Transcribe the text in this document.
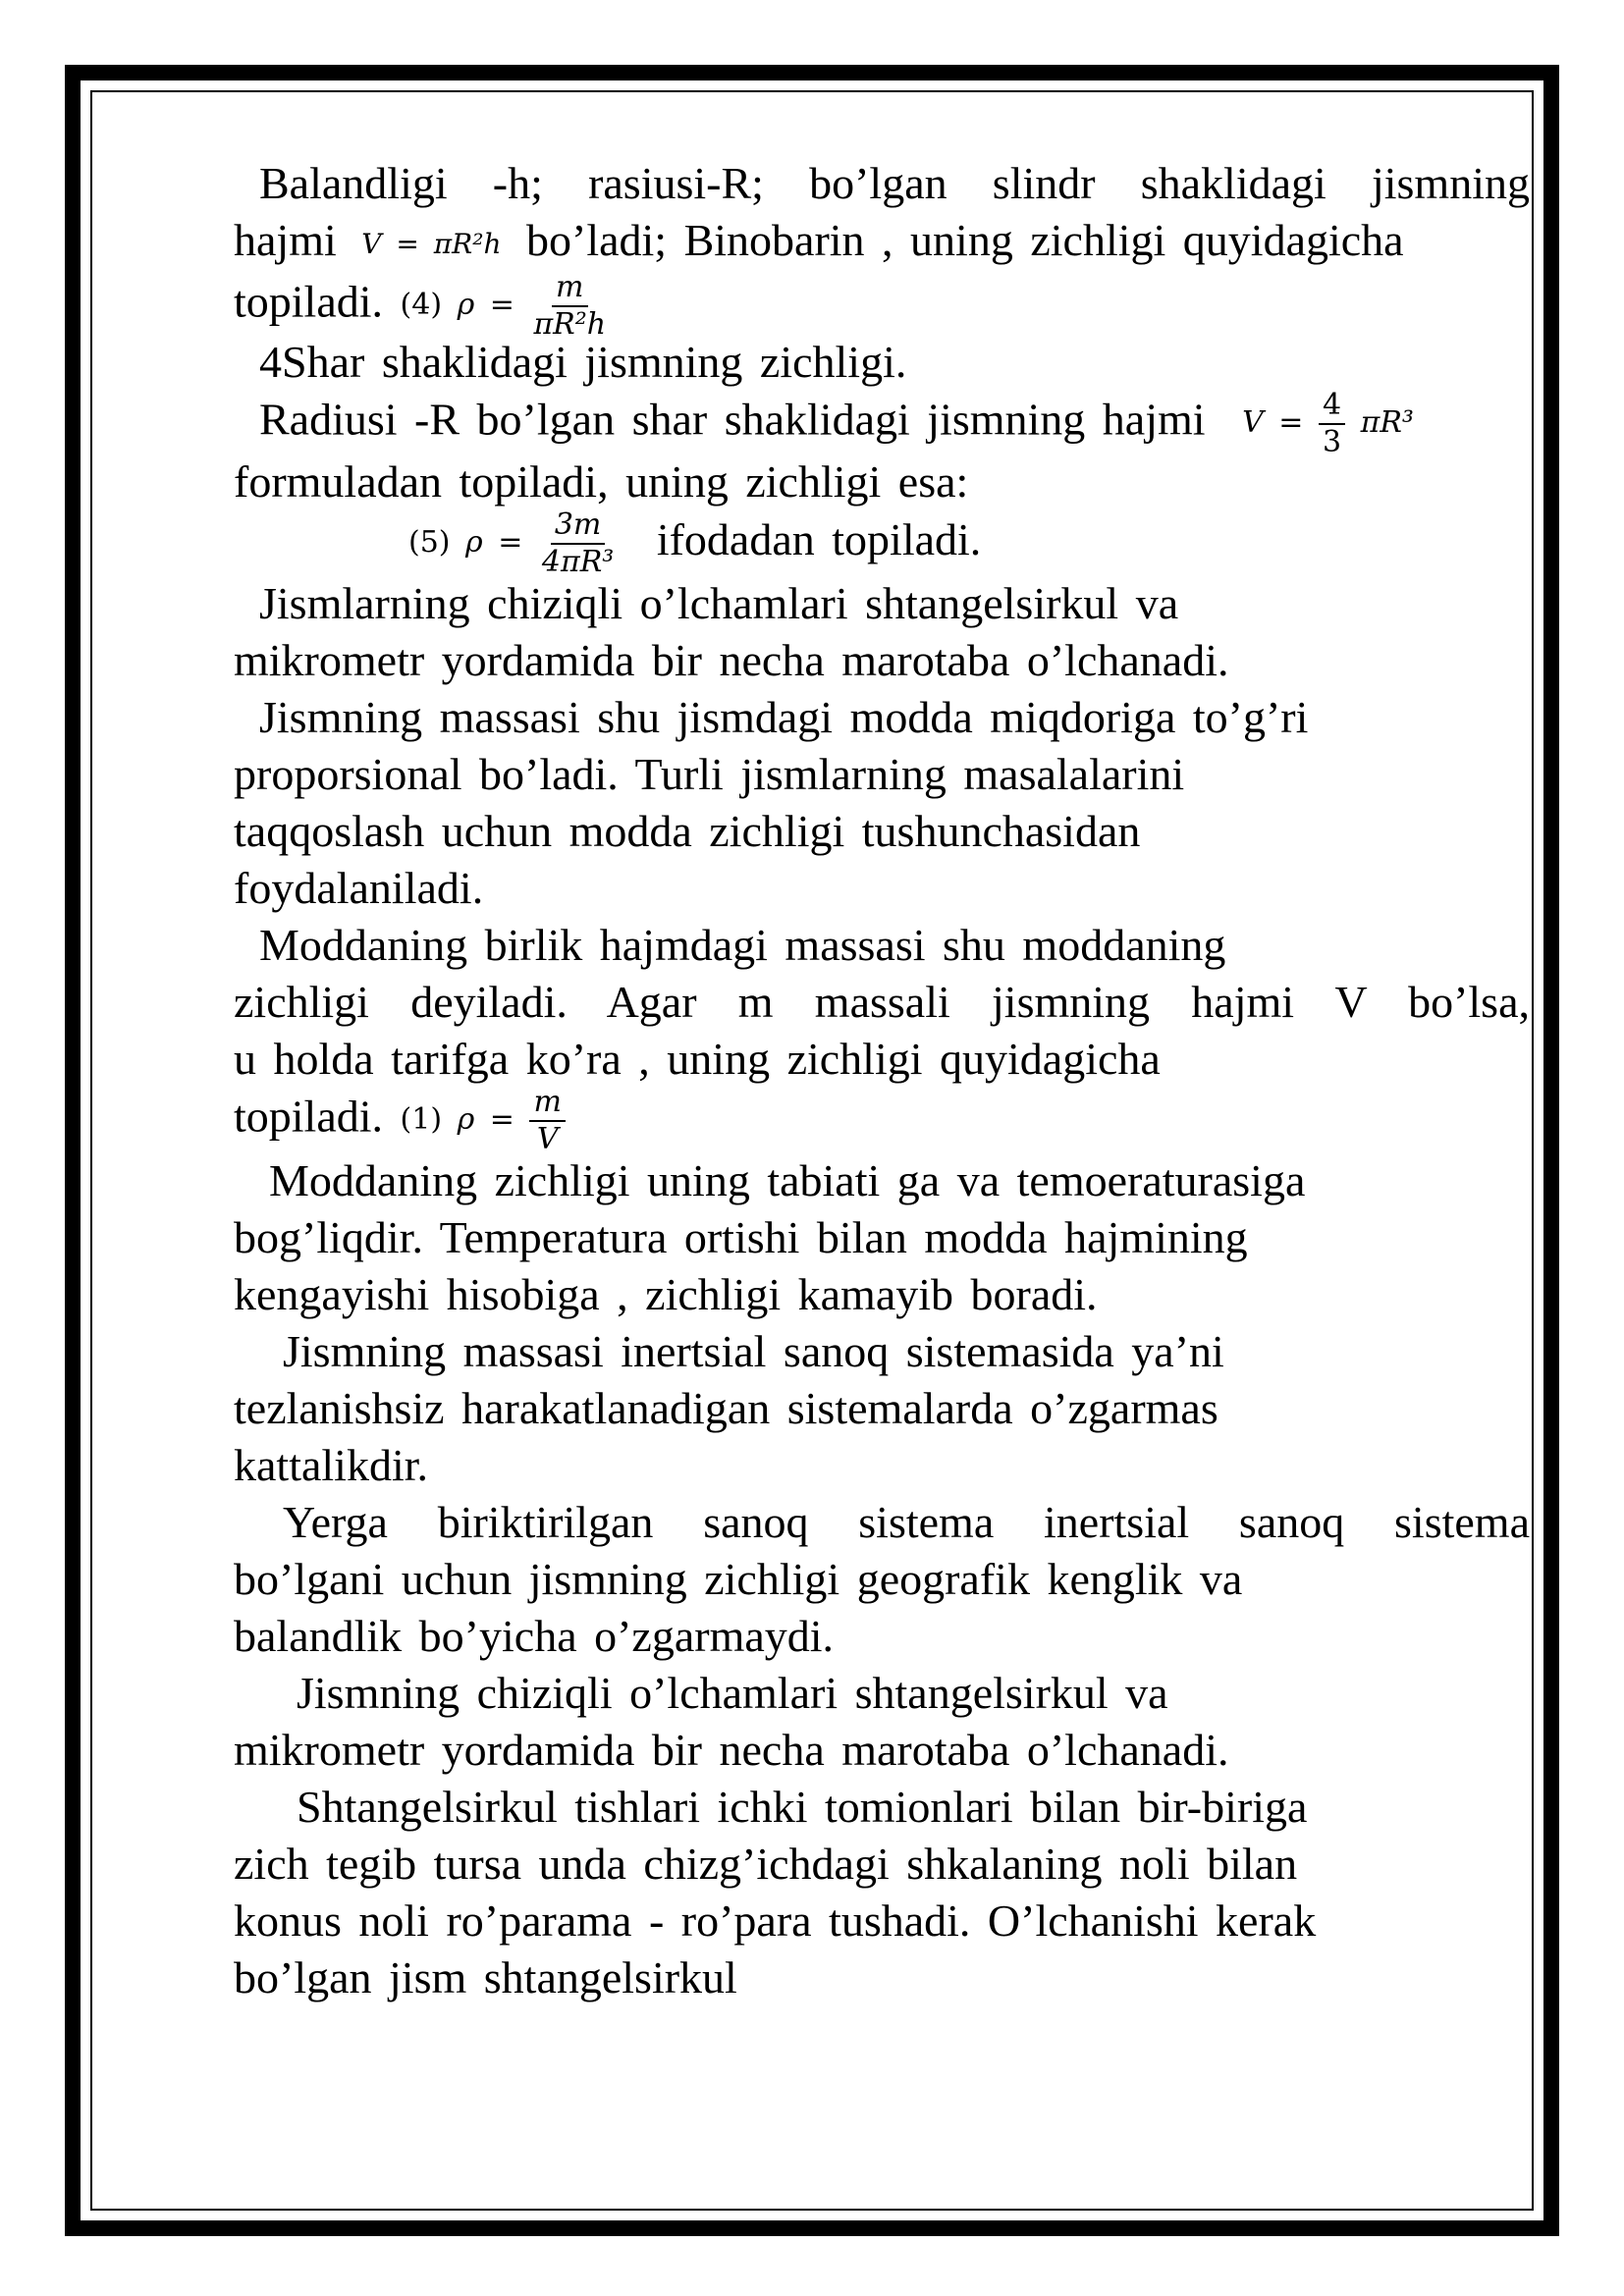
Balandligi -h; rasiusi-R; bo’lgan slindr shaklidagi jismning
hajmi V = πR²h bo’ladi; Binobarin , uning zichligi quyidagicha
topiladi. (4) $\rho = \frac{m}{\text{πR²h}}$
4Shar shaklidagi jismning zichligi.
Radiusi -R bo’lgan shar shaklidagi jismning hajmi $V = \frac{4}{3} \pi R^3$
formuladan topiladi, uning zichligi esa:
(5) $\rho = \frac{3m}{\text{4πR³}}$ ifodadan topiladi.
Jismlarning chiziqli o’lchamlari shtangelsirkul va
mikrometr yordamida bir necha marotaba o’lchanadi.
Jismning massasi shu jismdagi modda miqdoriga to’g’ri
proporsional bo’ladi. Turli jismlarning masalalarini
taqqoslash uchun modda zichligi tushunchasidan
foydalaniladi.
Moddaning birlik hajmdagi massasi shu moddaning
zichligi deyiladi. Agar m massali jismning hajmi V bo’lsa,
u holda tarifga ko’ra , uning zichligi quyidagicha
topiladi. (1) $\rho = \frac{m}{V}$
Moddaning zichligi uning tabiati ga va temoeraturasiga
bog’liqdir. Temperatura ortishi bilan modda hajmining
kengayishi hisobiga , zichligi kamayib boradi.
Jismning massasi inertsial sanoq sistemasida ya’ni
tezlanishsiz harakatlanadigan sistemalarda o’zgarmas
kattalikdir.
Yerga biriktirilgan sanoq sistema inertsial sanoq sistema
bo’lgani uchun jismning zichligi geografik kenglik va
balandlik bo’yicha o’zgarmaydi.
Jismning chiziqli o’lchamlari shtangelsirkul va
mikrometr yordamida bir necha marotaba o’lchanadi.
Shtangelsirkul tishlari ichki tomionlari bilan bir-biriga
zich tegib tursa unda chizg’ichdagi shkalaning noli bilan
konus noli ro’parama - ro’para tushadi. O’lchanishi kerak
bo’lgan jism shtangelsirkul
